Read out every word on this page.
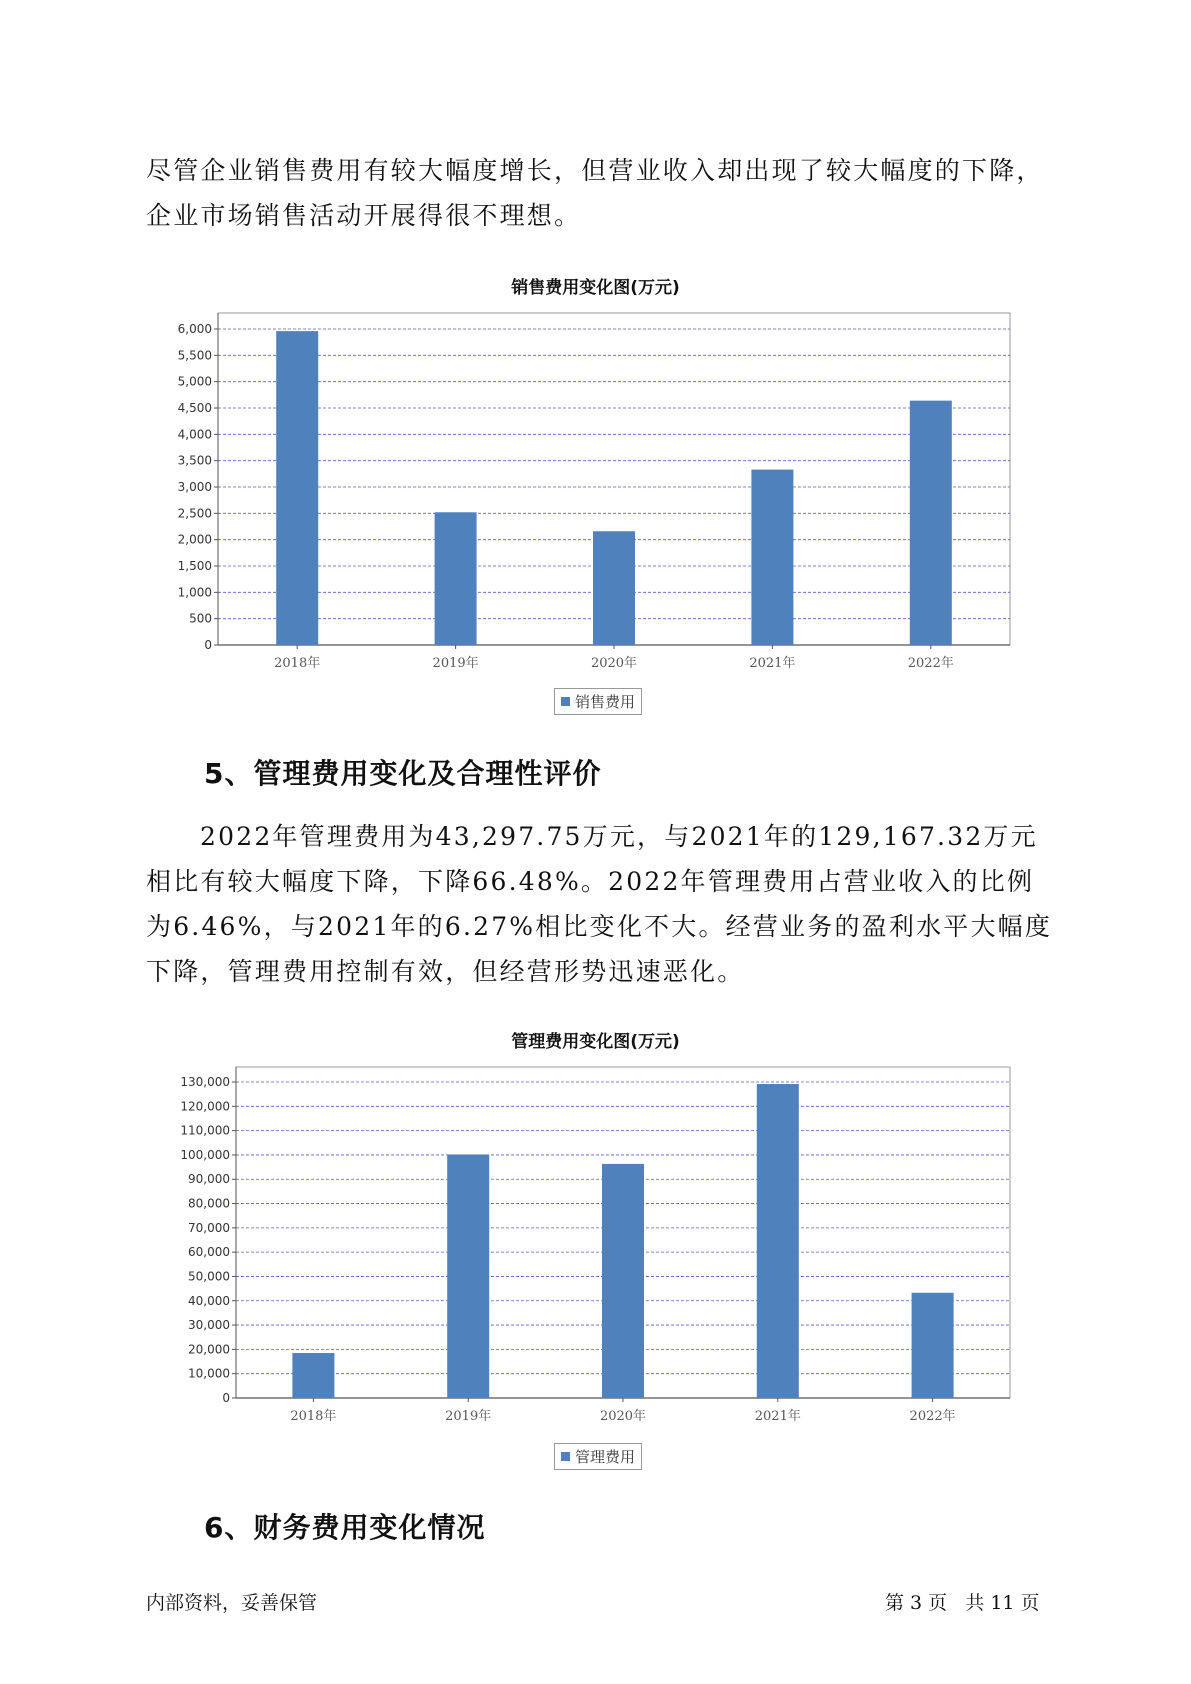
尽管企业销售费用有较大幅度增长，但营业收入却出现了较大幅度的下降，企业市场销售活动开展得很不理想。

销售费用变化图(万元)
0
500
1,000
1,500
2,000
2,500
3,000
3,500
4,000
4,500
5,000
5,500
6,000
2018年	2019年	2020年	2021年	2022年
销售费用
5、管理费用变化及合理性评价

2022年管理费用为43,297.75万元，与2021年的129,167.32万元相比有较大幅度下降，下降66.48%。2022年管理费用占营业收入的比例为6.46%，与2021年的6.27%相比变化不大。经营业务的盈利水平大幅度下降，管理费用控制有效，但经营形势迅速恶化。

管理费用变化图(万元)
0
10,000
20,000
30,000
40,000
50,000
60,000
70,000
80,000
90,000
100,000
110,000
120,000
130,000
2018年	2019年	2020年	2021年	2022年
管理费用
6、财务费用变化情况
内部资料，妥善保管	第 3 页   共 11 页
